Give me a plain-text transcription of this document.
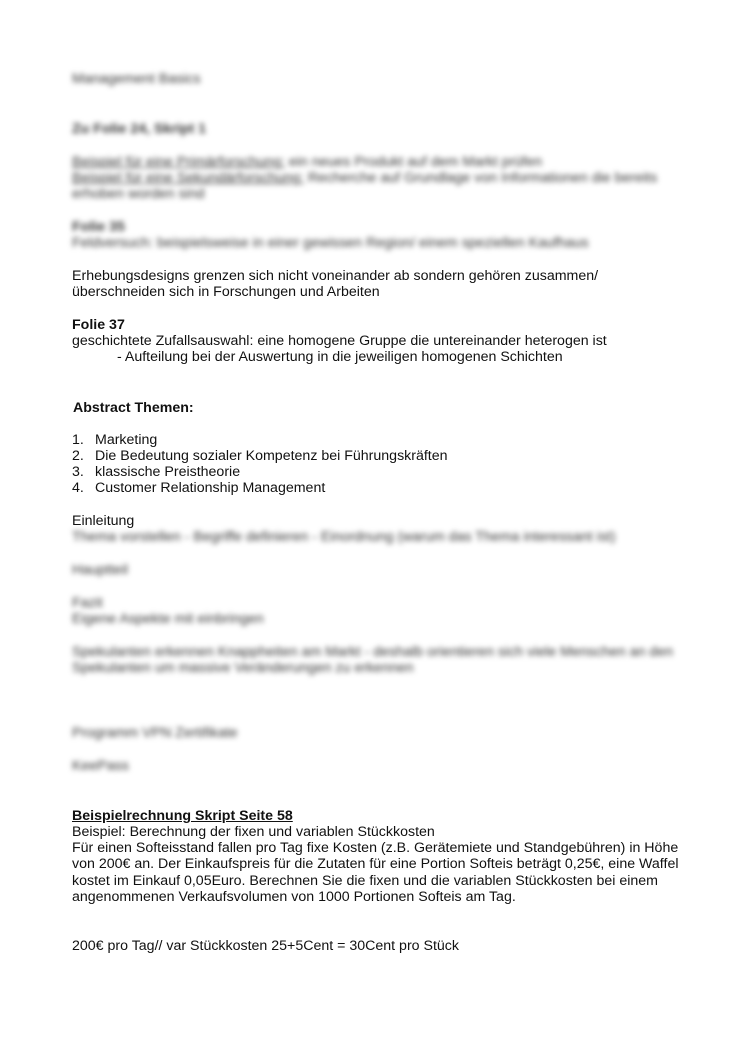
Management Basics
Zu Folie 24, Skript 1
Beispiel für eine Primärforschung: ein neues Produkt auf dem Markt prüfen
Beispiel für eine Sekundärforschung: Recherche auf Grundlage von Informationen die bereits
erhoben worden sind
Folie 35
Feldversuch: beispielsweise in einer gewissen Region/ einem speziellen Kaufhaus
Erhebungsdesigns grenzen sich nicht voneinander ab sondern gehören zusammen/
überschneiden sich in Forschungen und Arbeiten
Folie 37
geschichtete Zufallsauswahl: eine homogene Gruppe die untereinander heterogen ist
- Aufteilung bei der Auswertung in die jeweiligen homogenen Schichten
Abstract Themen:
1. Marketing
2. Die Bedeutung sozialer Kompetenz bei Führungskräften
3. klassische Preistheorie
4. Customer Relationship Management
Einleitung
Thema vorstellen - Begriffe definieren - Einordnung (warum das Thema interessant ist)
Hauptteil
Fazit
Eigene Aspekte mit einbringen
Spekulanten erkennen Knappheiten am Markt - deshalb orientieren sich viele Menschen an den
Spekulanten um massive Veränderungen zu erkennen
Programm VPN Zertifikate
KeePass
Beispielrechnung Skript Seite 58
Beispiel: Berechnung der fixen und variablen Stückkosten
Für einen Softeisstand fallen pro Tag fixe Kosten (z.B. Gerätemiete und Standgebühren) in Höhe
von 200€ an. Der Einkaufspreis für die Zutaten für eine Portion Softeis beträgt 0,25€, eine Waffel
kostet im Einkauf 0,05Euro. Berechnen Sie die fixen und die variablen Stückkosten bei einem
angenommenen Verkaufsvolumen von 1000 Portionen Softeis am Tag.
200€ pro Tag// var Stückkosten 25+5Cent = 30Cent pro Stück
